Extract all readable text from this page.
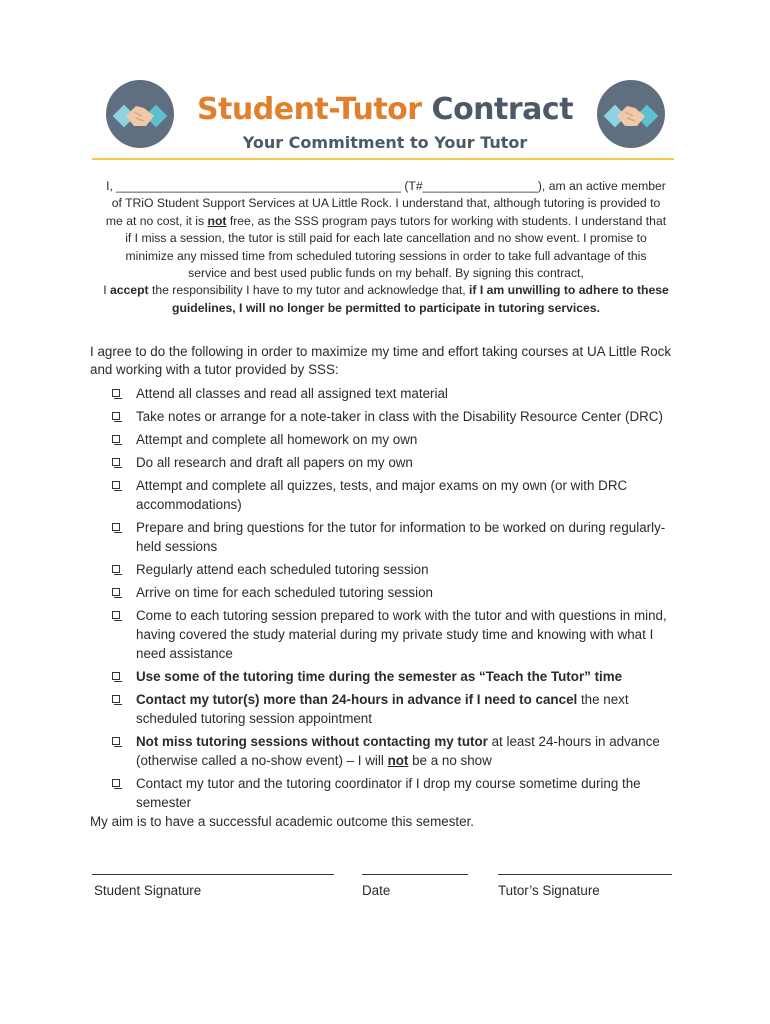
Student-Tutor Contract
Your Commitment to Your Tutor
I, __________________________________________ (T#_________________), am an active member
of TRiO Student Support Services at UA Little Rock. I understand that, although tutoring is provided to
me at no cost, it is not free, as the SSS program pays tutors for working with students. I understand that
if I miss a session, the tutor is still paid for each late cancellation and no show event. I promise to
minimize any missed time from scheduled tutoring sessions in order to take full advantage of this
service and best used public funds on my behalf. By signing this contract,
I accept the responsibility I have to my tutor and acknowledge that, if I am unwilling to adhere to these
guidelines, I will no longer be permitted to participate in tutoring services.
I agree to do the following in order to maximize my time and effort taking courses at UA Little Rock and working with a tutor provided by SSS:
Attend all classes and read all assigned text material
Take notes or arrange for a note-taker in class with the Disability Resource Center (DRC)
Attempt and complete all homework on my own
Do all research and draft all papers on my own
Attempt and complete all quizzes, tests, and major exams on my own (or with DRC accommodations)
Prepare and bring questions for the tutor for information to be worked on during regularly-held sessions
Regularly attend each scheduled tutoring session
Arrive on time for each scheduled tutoring session
Come to each tutoring session prepared to work with the tutor and with questions in mind, having covered the study material during my private study time and knowing with what I need assistance
Use some of the tutoring time during the semester as “Teach the Tutor” time
Contact my tutor(s) more than 24-hours in advance if I need to cancel the next scheduled tutoring session appointment
Not miss tutoring sessions without contacting my tutor at least 24-hours in advance (otherwise called a no-show event) – I will not be a no show
Contact my tutor and the tutoring coordinator if I drop my course sometime during the semester
My aim is to have a successful academic outcome this semester.
Student Signature	Date	Tutor’s Signature
